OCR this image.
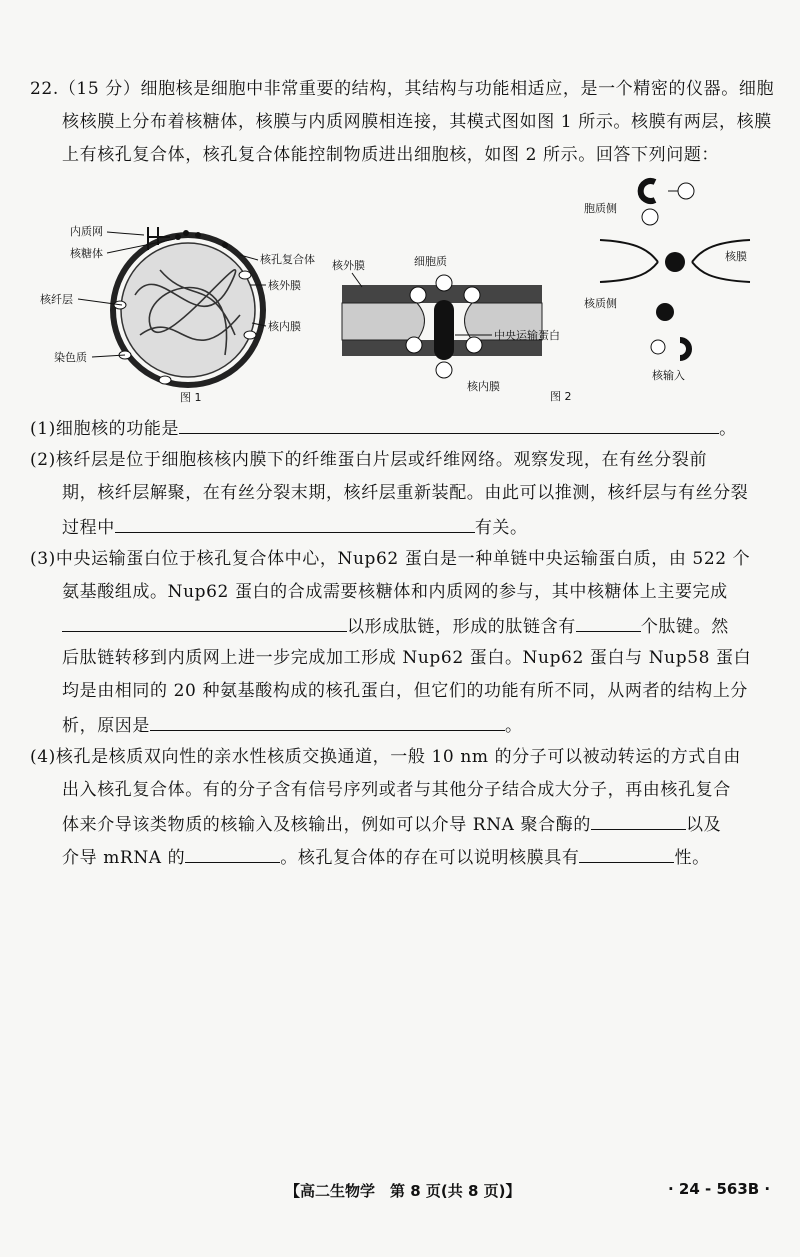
22.（15 分）细胞核是细胞中非常重要的结构，其结构与功能相适应，是一个精密的仪器。细胞
核核膜上分布着核糖体，核膜与内质网膜相连接，其模式图如图 1 所示。核膜有两层，核膜
上有核孔复合体，核孔复合体能控制物质进出细胞核，如图 2 所示。回答下列问题：
内质网
核糖体	核孔复合体
核外膜
核纤层
核内膜
染色质
图 1
核外膜	细胞质
中央运输蛋白
核内膜
图 2
胞质侧
核膜
核质侧
核输入
(1)细胞核的功能是	。
(2)核纤层是位于细胞核核内膜下的纤维蛋白片层或纤维网络。观察发现，在有丝分裂前
期，核纤层解聚，在有丝分裂末期，核纤层重新装配。由此可以推测，核纤层与有丝分裂
过程中	有关。
(3)中央运输蛋白位于核孔复合体中心，Nup62 蛋白是一种单链中央运输蛋白质，由 522 个
氨基酸组成。Nup62 蛋白的合成需要核糖体和内质网的参与，其中核糖体上主要完成
以形成肽链，形成的肽链含有	个肽键。然
后肽链转移到内质网上进一步完成加工形成 Nup62 蛋白。Nup62 蛋白与 Nup58 蛋白
均是由相同的 20 种氨基酸构成的核孔蛋白，但它们的功能有所不同，从两者的结构上分
析，原因是	。
(4)核孔是核质双向性的亲水性核质交换通道，一般 10 nm 的分子可以被动转运的方式自由
出入核孔复合体。有的分子含有信号序列或者与其他分子结合成大分子，再由核孔复合
体来介导该类物质的核输入及核输出，例如可以介导 RNA 聚合酶的	以及
介导 mRNA 的	。核孔复合体的存在可以说明核膜具有	性。
【高二生物学　第 8 页(共 8 页)】	· 24 - 563B ·
